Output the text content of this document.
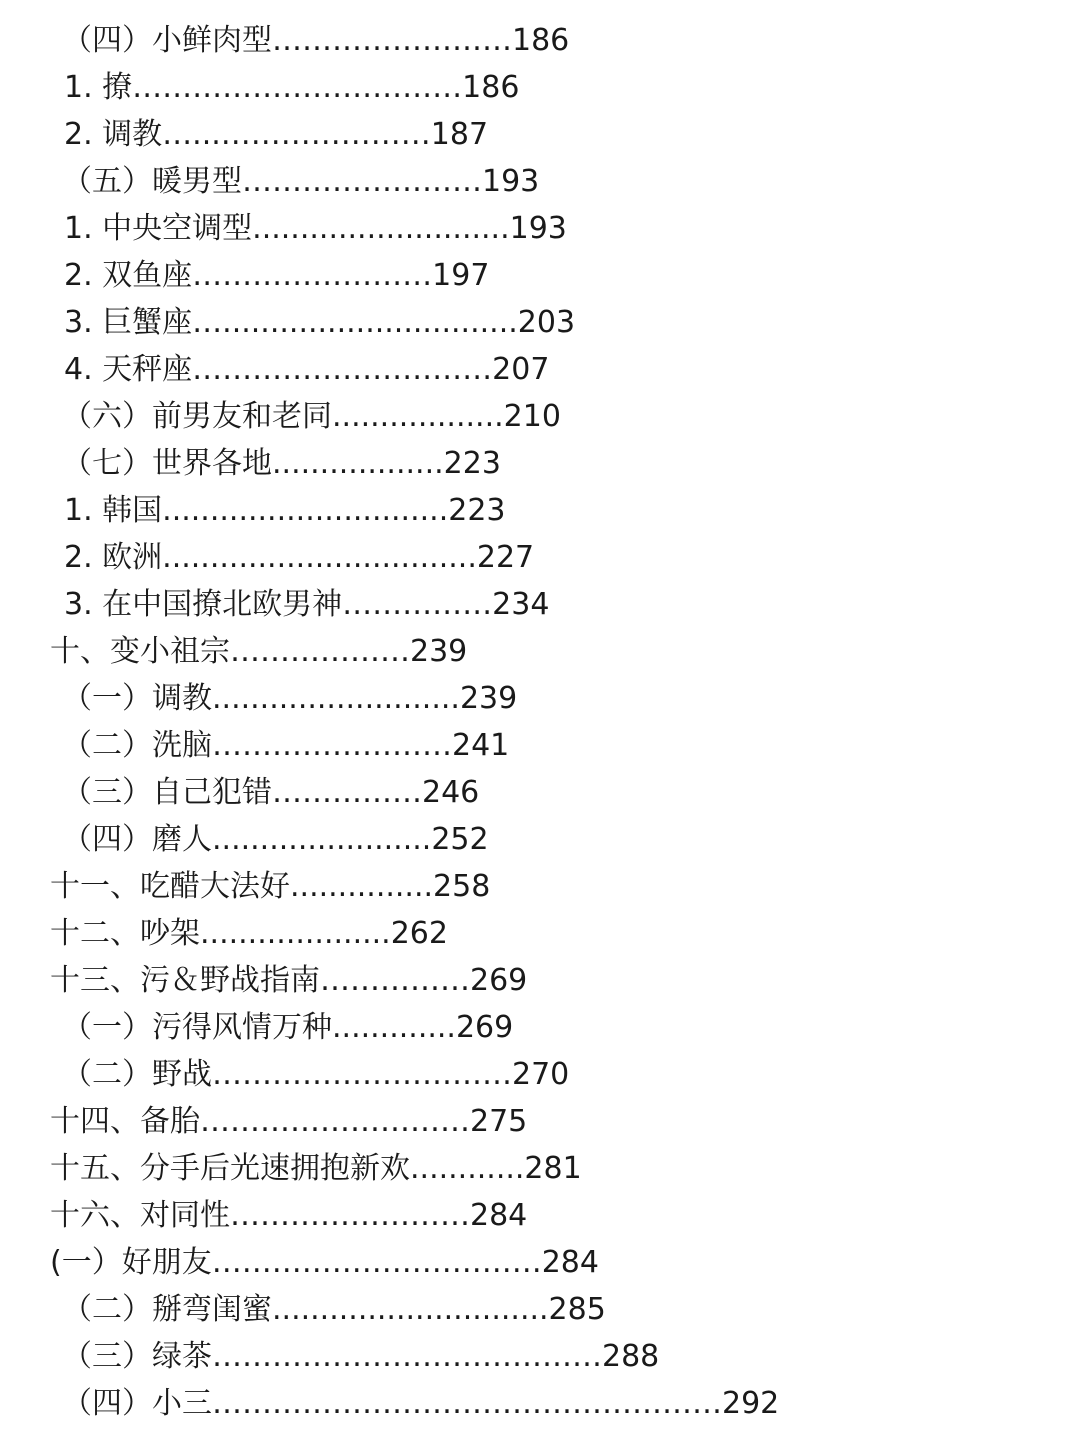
（四）小鲜肉型……………………186
1. 撩……………………………186
2. 调教…...…………………187
（五）暖男型……………………193
1. 中央空调型...........................193
2. 双鱼座……………………197
3. 巨蟹座…...............................203
4. 天秤座…………………………207
（六）前男友和老同..................210
（七）世界各地..................223
1. 韩国..............................223
2. 欧洲.................................227
3. 在中国撩北欧男神……………234
十、变小祖宗………………239
（一）调教..........................239
（二）洗脑……………………241
（三）自己犯错……………246
（四）磨人.......................252
十一、吃醋大法好...............258
十二、吵架....................262
十三、污＆野战指南……………269
（一）污得风情万种.............269
（二）野战…………………………270
十四、备胎………………………275
十五、分手后光速拥抱新欢............281
十六、对同性……………………284
(一）好朋友……………………………284
（二）掰弯闺蜜.............................285
（三）绿茶…………………………………288
（四）小三……………………………………………292
